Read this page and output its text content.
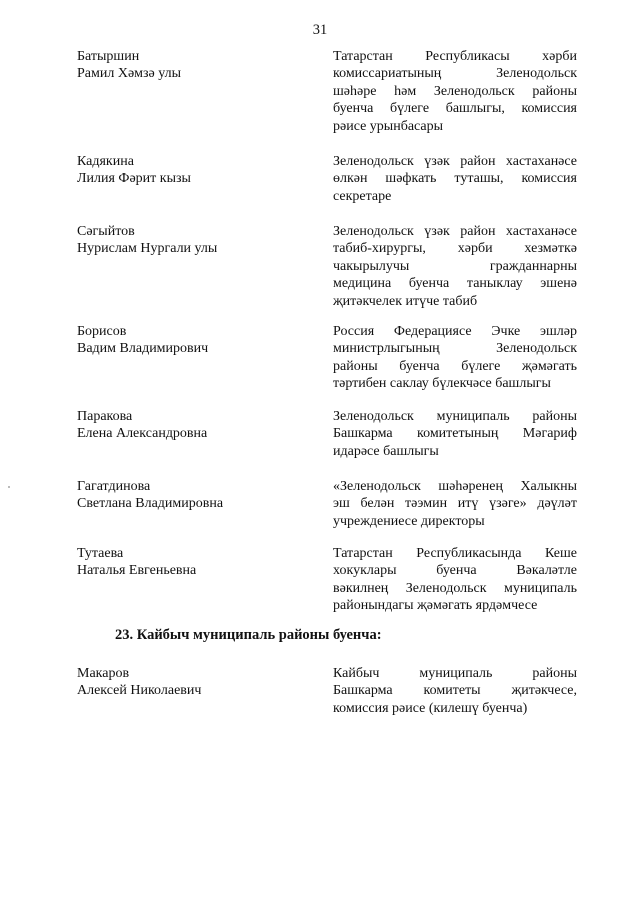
31
Батыршин
Рамил Хәмзә улы
Татарстан Республикасы хәрби
комиссариатының Зеленодольск
шәһәре һәм Зеленодольск районы
буенча бүлеге башлыгы, комиссия
рәисе урынбасары
Кадякина
Лилия Фәрит кызы
Зеленодольск үзәк район хастаханәсе
өлкән шәфкать туташы, комиссия
секретаре
Сәгыйтов
Нурислам Нургали улы
Зеленодольск үзәк район хастаханәсе
табиб-хирургы, хәрби хезмәткә
чакырылучы гражданнарны
медицина буенча таныклау эшенә
җитәкчелек итүче табиб
Борисов
Вадим Владимирович
Россия Федерациясе Эчке эшләр
министрлыгының Зеленодольск
районы буенча бүлеге җәмәгать
тәртибен саклау бүлекчәсе башлыгы
Паракова
Елена Александровна
Зеленодольск муниципаль районы
Башкарма комитетының Мәгариф
идарәсе башлыгы
Гагатдинова
Светлана Владимировна
«Зеленодольск шәһәренең Халыкны
эш белән тәэмин итү үзәге» дәүләт
учреждениесе директоры
Тутаева
Наталья Евгеньевна
Татарстан Республикасында Кеше
хокуклары буенча Вәкаләтле
вәкилнең Зеленодольск муниципаль
районындагы җәмәгать ярдәмчесе
23. Кайбыч муниципаль районы буенча:
Макаров
Алексей Николаевич
Кайбыч муниципаль районы
Башкарма комитеты җитәкчесе,
комиссия рәисе (килешү буенча)
